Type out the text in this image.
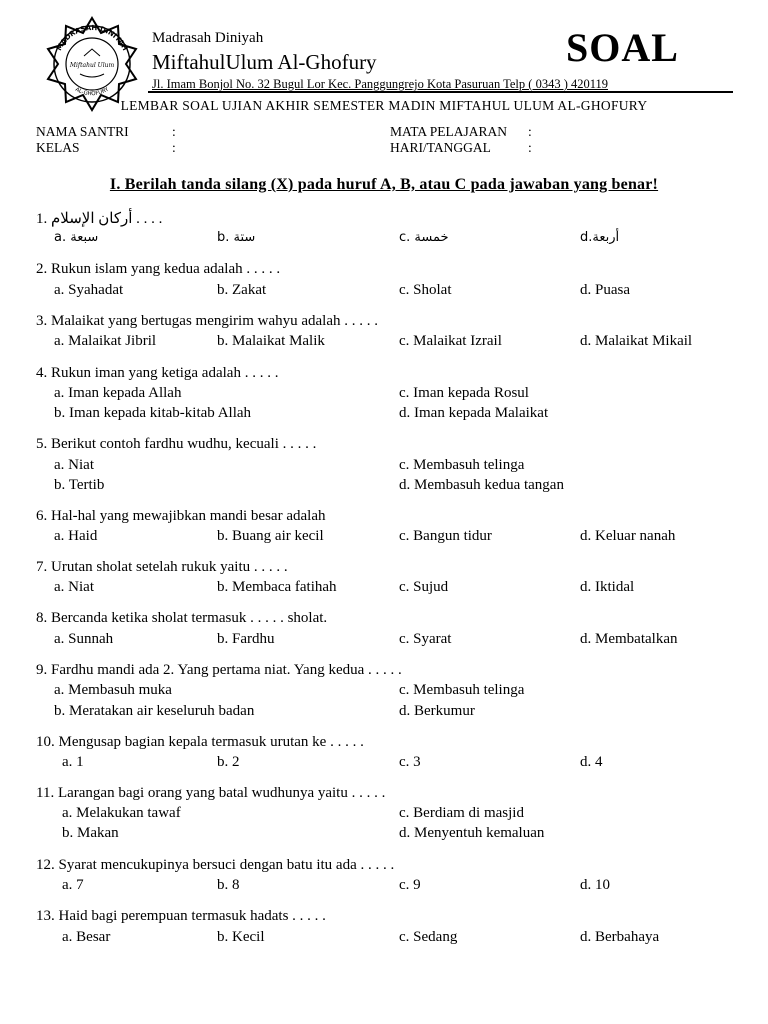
MADRASAH DINIYAH
AL-GHOFURY
Miftahul Ulum
Madrasah Diniyah
MiftahulUlum Al-Ghofury
Jl. Imam Bonjol No. 32 Bugul Lor Kec. Panggungrejo Kota Pasuruan Telp ( 0343 ) 420119
SOAL
LEMBAR SOAL UJIAN AKHIR SEMESTER MADIN MIFTAHUL ULUM AL-GHOFURY
NAMA SANTRI	:
KELAS	:
MATA PELAJARAN :
HARI/TANGGAL	:
I. Berilah tanda silang (X) pada huruf A, B, atau C pada jawaban yang benar!
1. أركان الإسلام . . . .
a. سبعة	b. ستة	c. خمسة	d.أربعة
2. Rukun islam yang kedua adalah . . . . .
a. Syahadat	b. Zakat	c. Sholat	d. Puasa
3. Malaikat yang bertugas mengirim wahyu adalah . . . . .
a. Malaikat Jibril	b. Malaikat Malik	c. Malaikat Izrail	d. Malaikat Mikail
4. Rukun iman yang ketiga adalah . . . . .
a. Iman kepada Allah
b. Iman kepada kitab-kitab Allah
c. Iman kepada Rosul
d. Iman kepada Malaikat
5. Berikut contoh fardhu wudhu, kecuali . . . . .
a. Niat
b. Tertib
c. Membasuh telinga
d. Membasuh kedua tangan
6. Hal-hal yang mewajibkan mandi besar adalah
a. Haid	b. Buang air kecil	c. Bangun tidur	d. Keluar nanah
7. Urutan sholat setelah rukuk yaitu . . . . .
a. Niat	b. Membaca fatihah	c. Sujud	d. Iktidal
8. Bercanda ketika sholat termasuk . . . . . sholat.
a. Sunnah	b. Fardhu	c. Syarat	d. Membatalkan
9. Fardhu mandi ada 2. Yang pertama niat. Yang kedua . . . . .
a. Membasuh muka
b. Meratakan air keseluruh badan
c. Membasuh telinga
d. Berkumur
10. Mengusap bagian kepala termasuk urutan ke . . . . .
a. 1	b. 2	c. 3	d. 4
11. Larangan bagi orang yang batal wudhunya yaitu . . . . .
a. Melakukan tawaf
b. Makan
c. Berdiam di masjid
d. Menyentuh kemaluan
12. Syarat mencukupinya bersuci dengan batu itu ada . . . . .
a. 7	b. 8	c. 9	d. 10
13. Haid bagi perempuan termasuk hadats . . . . .
a. Besar	b. Kecil	c. Sedang	d. Berbahaya
